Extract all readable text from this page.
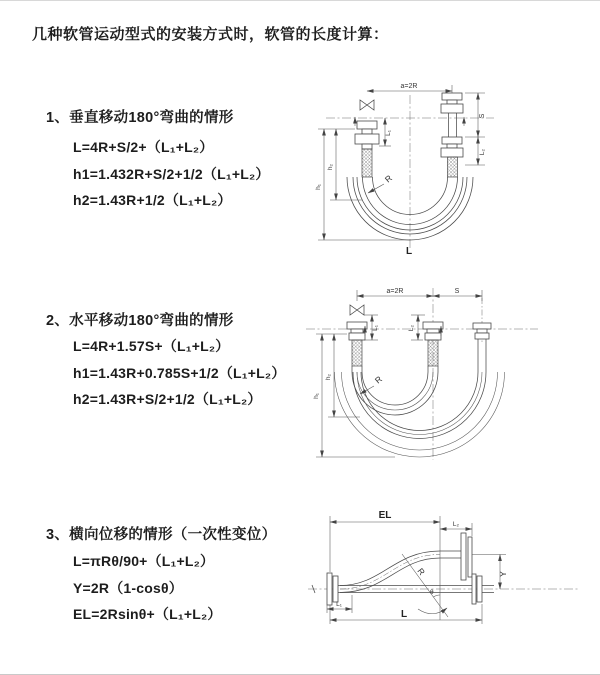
几种软管运动型式的安装方式时，软管的长度计算：
1、垂直移动180°弯曲的情形
L=4R+S/2+（L₁+L₂）
h1=1.432R+S/2+1/2（L₁+L₂）
h2=1.43R+1/2（L₁+L₂）
a=2R
h₁
h₂
L₁
S
L₂
R
L
2、水平移动180°弯曲的情形
L=4R+1.57S+（L₁+L₂）
h1=1.43R+0.785S+1/2（L₁+L₂）
h2=1.43R+S/2+1/2（L₁+L₂）
a=2R	S
h₁
h₂
L₁	L₂
R
3、横向位移的情形（一次性变位）
L=πRθ/90+（L₁+L₂）
Y=2R（1-cosθ）
EL=2Rsinθ+（L₁+L₂）
EL
L₂
Y
R
θ
L₁
L
